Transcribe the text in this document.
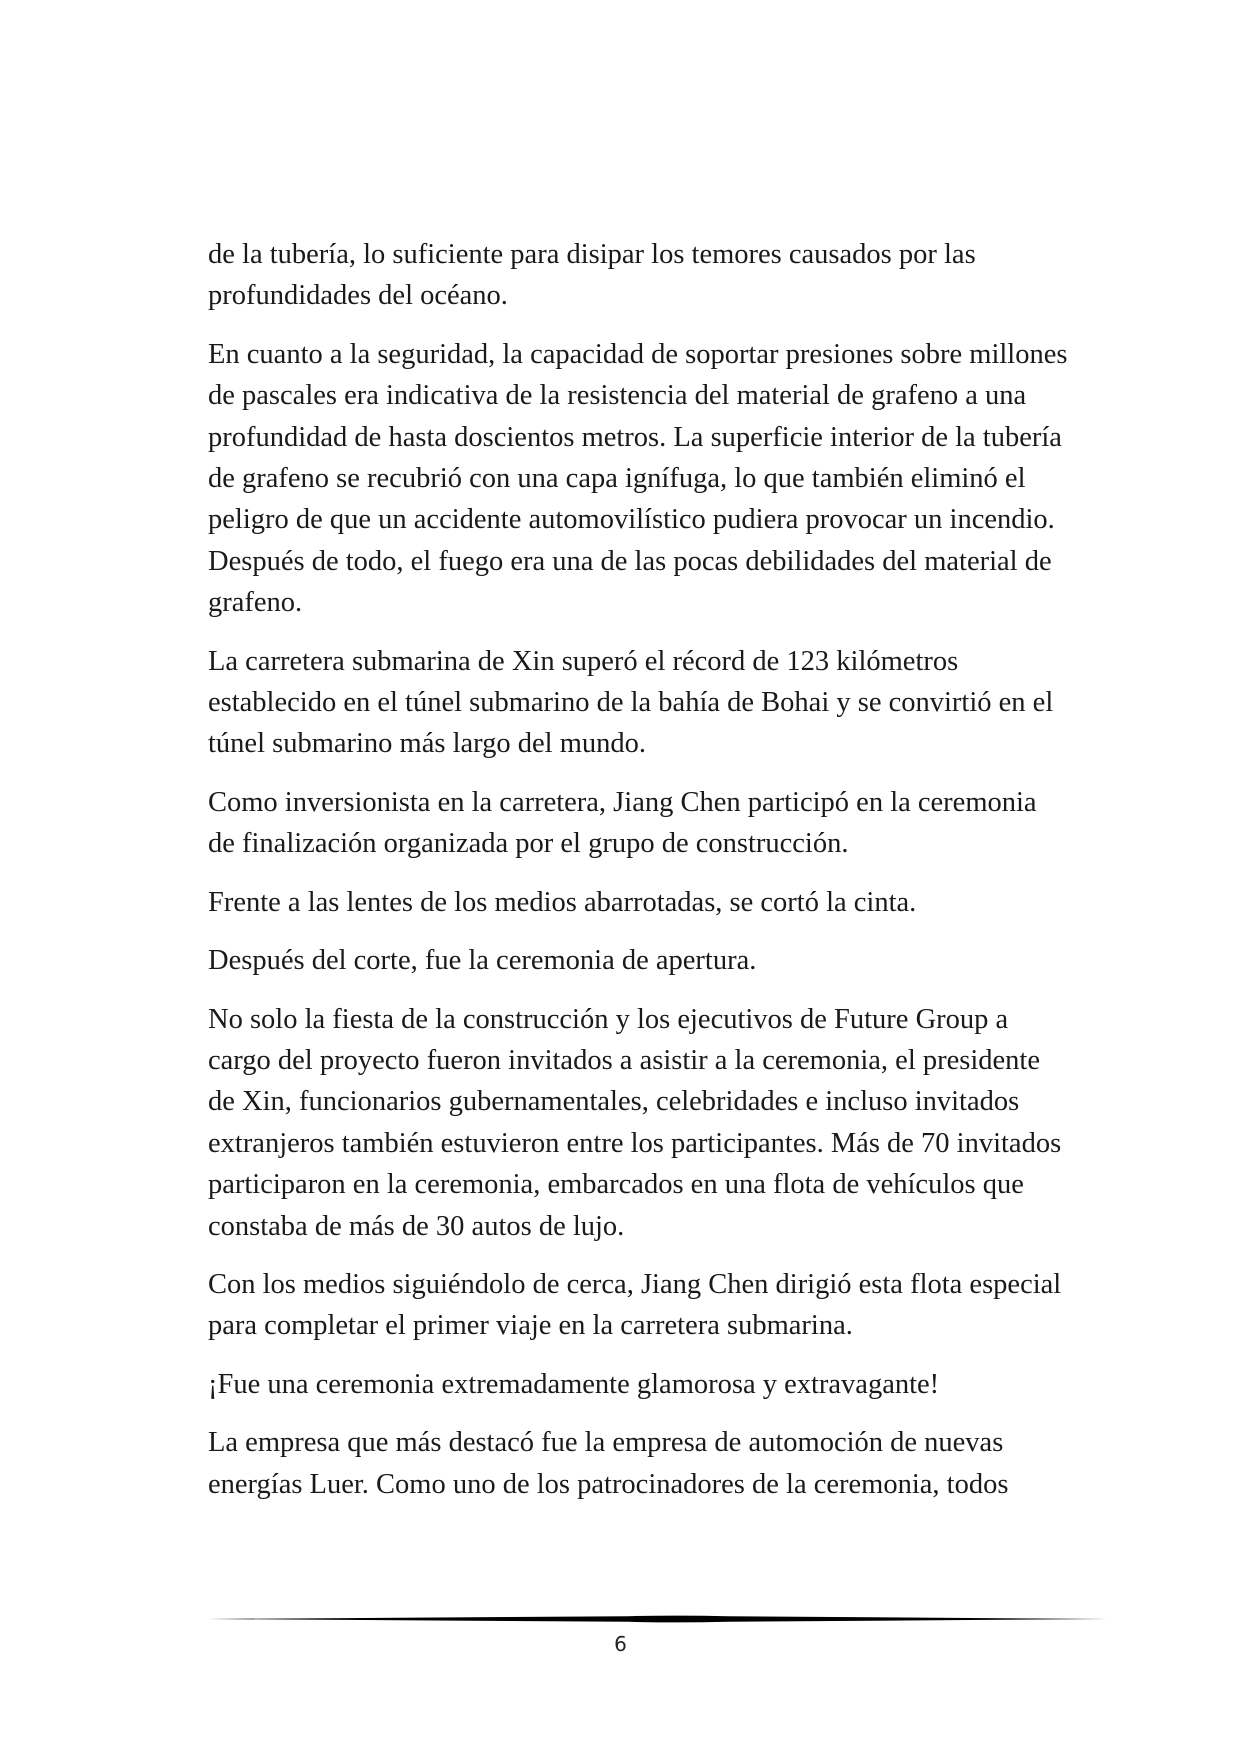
de la tubería, lo suficiente para disipar los temores causados por las profundidades del océano.

En cuanto a la seguridad, la capacidad de soportar presiones sobre millones de pascales era indicativa de la resistencia del material de grafeno a una profundidad de hasta doscientos metros. La superficie interior de la tubería de grafeno se recubrió con una capa ignífuga, lo que también eliminó el peligro de que un accidente automovilístico pudiera provocar un incendio. Después de todo, el fuego era una de las pocas debilidades del material de grafeno.

La carretera submarina de Xin superó el récord de 123 kilómetros establecido en el túnel submarino de la bahía de Bohai y se convirtió en el túnel submarino más largo del mundo.

Como inversionista en la carretera, Jiang Chen participó en la ceremonia de finalización organizada por el grupo de construcción.

Frente a las lentes de los medios abarrotadas, se cortó la cinta.

Después del corte, fue la ceremonia de apertura.

No solo la fiesta de la construcción y los ejecutivos de Future Group a cargo del proyecto fueron invitados a asistir a la ceremonia, el presidente de Xin, funcionarios gubernamentales, celebridades e incluso invitados extranjeros también estuvieron entre los participantes. Más de 70 invitados participaron en la ceremonia, embarcados en una flota de vehículos que constaba de más de 30 autos de lujo.

Con los medios siguiéndolo de cerca, Jiang Chen dirigió esta flota especial para completar el primer viaje en la carretera submarina.

¡Fue una ceremonia extremadamente glamorosa y extravagante!

La empresa que más destacó fue la empresa de automoción de nuevas energías Luer. Como uno de los patrocinadores de la ceremonia, todos

6
